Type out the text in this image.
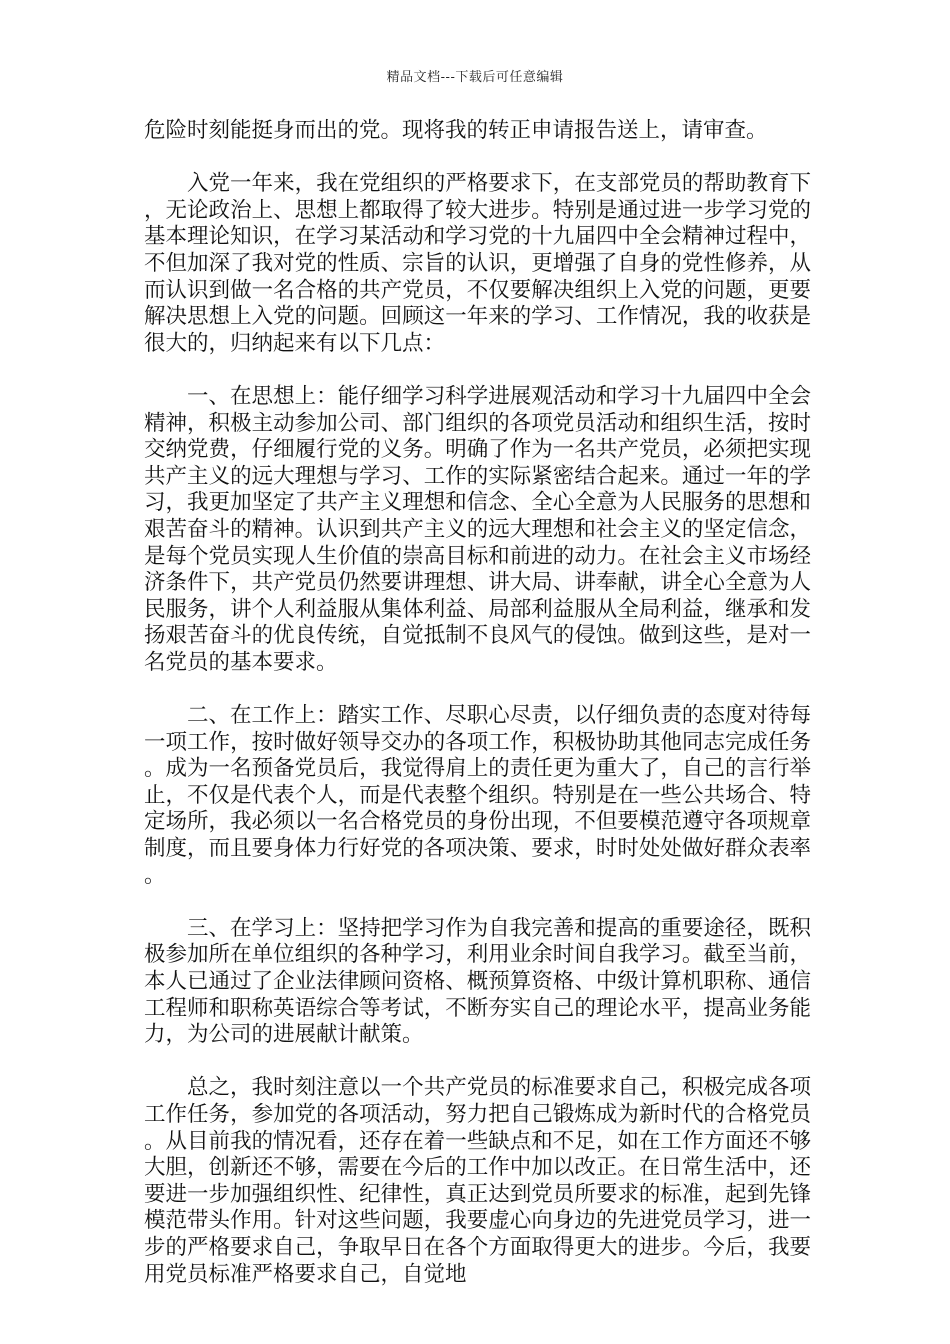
精品文档---下载后可任意编辑

危险时刻能挺身而出的党。现将我的转正申请报告送上，请审查。

入党一年来，我在党组织的严格要求下，在支部党员的帮助教育下，无论政治上、思想上都取得了较大进步。特别是通过进一步学习党的基本理论知识，在学习某活动和学习党的十九届四中全会精神过程中，不但加深了我对党的性质、宗旨的认识，更增强了自身的党性修养，从而认识到做一名合格的共产党员，不仅要解决组织上入党的问题，更要解决思想上入党的问题。回顾这一年来的学习、工作情况，我的收获是很大的，归纳起来有以下几点：

一、在思想上：能仔细学习科学进展观活动和学习十九届四中全会精神，积极主动参加公司、部门组织的各项党员活动和组织生活，按时交纳党费，仔细履行党的义务。明确了作为一名共产党员，必须把实现共产主义的远大理想与学习、工作的实际紧密结合起来。通过一年的学习，我更加坚定了共产主义理想和信念、全心全意为人民服务的思想和艰苦奋斗的精神。认识到共产主义的远大理想和社会主义的坚定信念，是每个党员实现人生价值的崇高目标和前进的动力。在社会主义市场经济条件下，共产党员仍然要讲理想、讲大局、讲奉献，讲全心全意为人民服务，讲个人利益服从集体利益、局部利益服从全局利益，继承和发扬艰苦奋斗的优良传统，自觉抵制不良风气的侵蚀。做到这些，是对一名党员的基本要求。

二、在工作上：踏实工作、尽职心尽责，以仔细负责的态度对待每一项工作，按时做好领导交办的各项工作，积极协助其他同志完成任务。成为一名预备党员后，我觉得肩上的责任更为重大了，自己的言行举止，不仅是代表个人，而是代表整个组织。特别是在一些公共场合、特定场所，我必须以一名合格党员的身份出现，不但要模范遵守各项规章制度，而且要身体力行好党的各项决策、要求，时时处处做好群众表率。

三、在学习上：坚持把学习作为自我完善和提高的重要途径，既积极参加所在单位组织的各种学习，利用业余时间自我学习。截至当前，本人已通过了企业法律顾问资格、概预算资格、中级计算机职称、通信工程师和职称英语综合等考试，不断夯实自己的理论水平，提高业务能力，为公司的进展献计献策。

总之，我时刻注意以一个共产党员的标准要求自己，积极完成各项工作任务，参加党的各项活动，努力把自己锻炼成为新时代的合格党员。从目前我的情况看，还存在着一些缺点和不足，如在工作方面还不够大胆，创新还不够，需要在今后的工作中加以改正。在日常生活中，还要进一步加强组织性、纪律性，真正达到党员所要求的标准，起到先锋模范带头作用。针对这些问题，我要虚心向身边的先进党员学习，进一步的严格要求自己，争取早日在各个方面取得更大的进步。今后，我要用党员标准严格要求自己，自觉地
